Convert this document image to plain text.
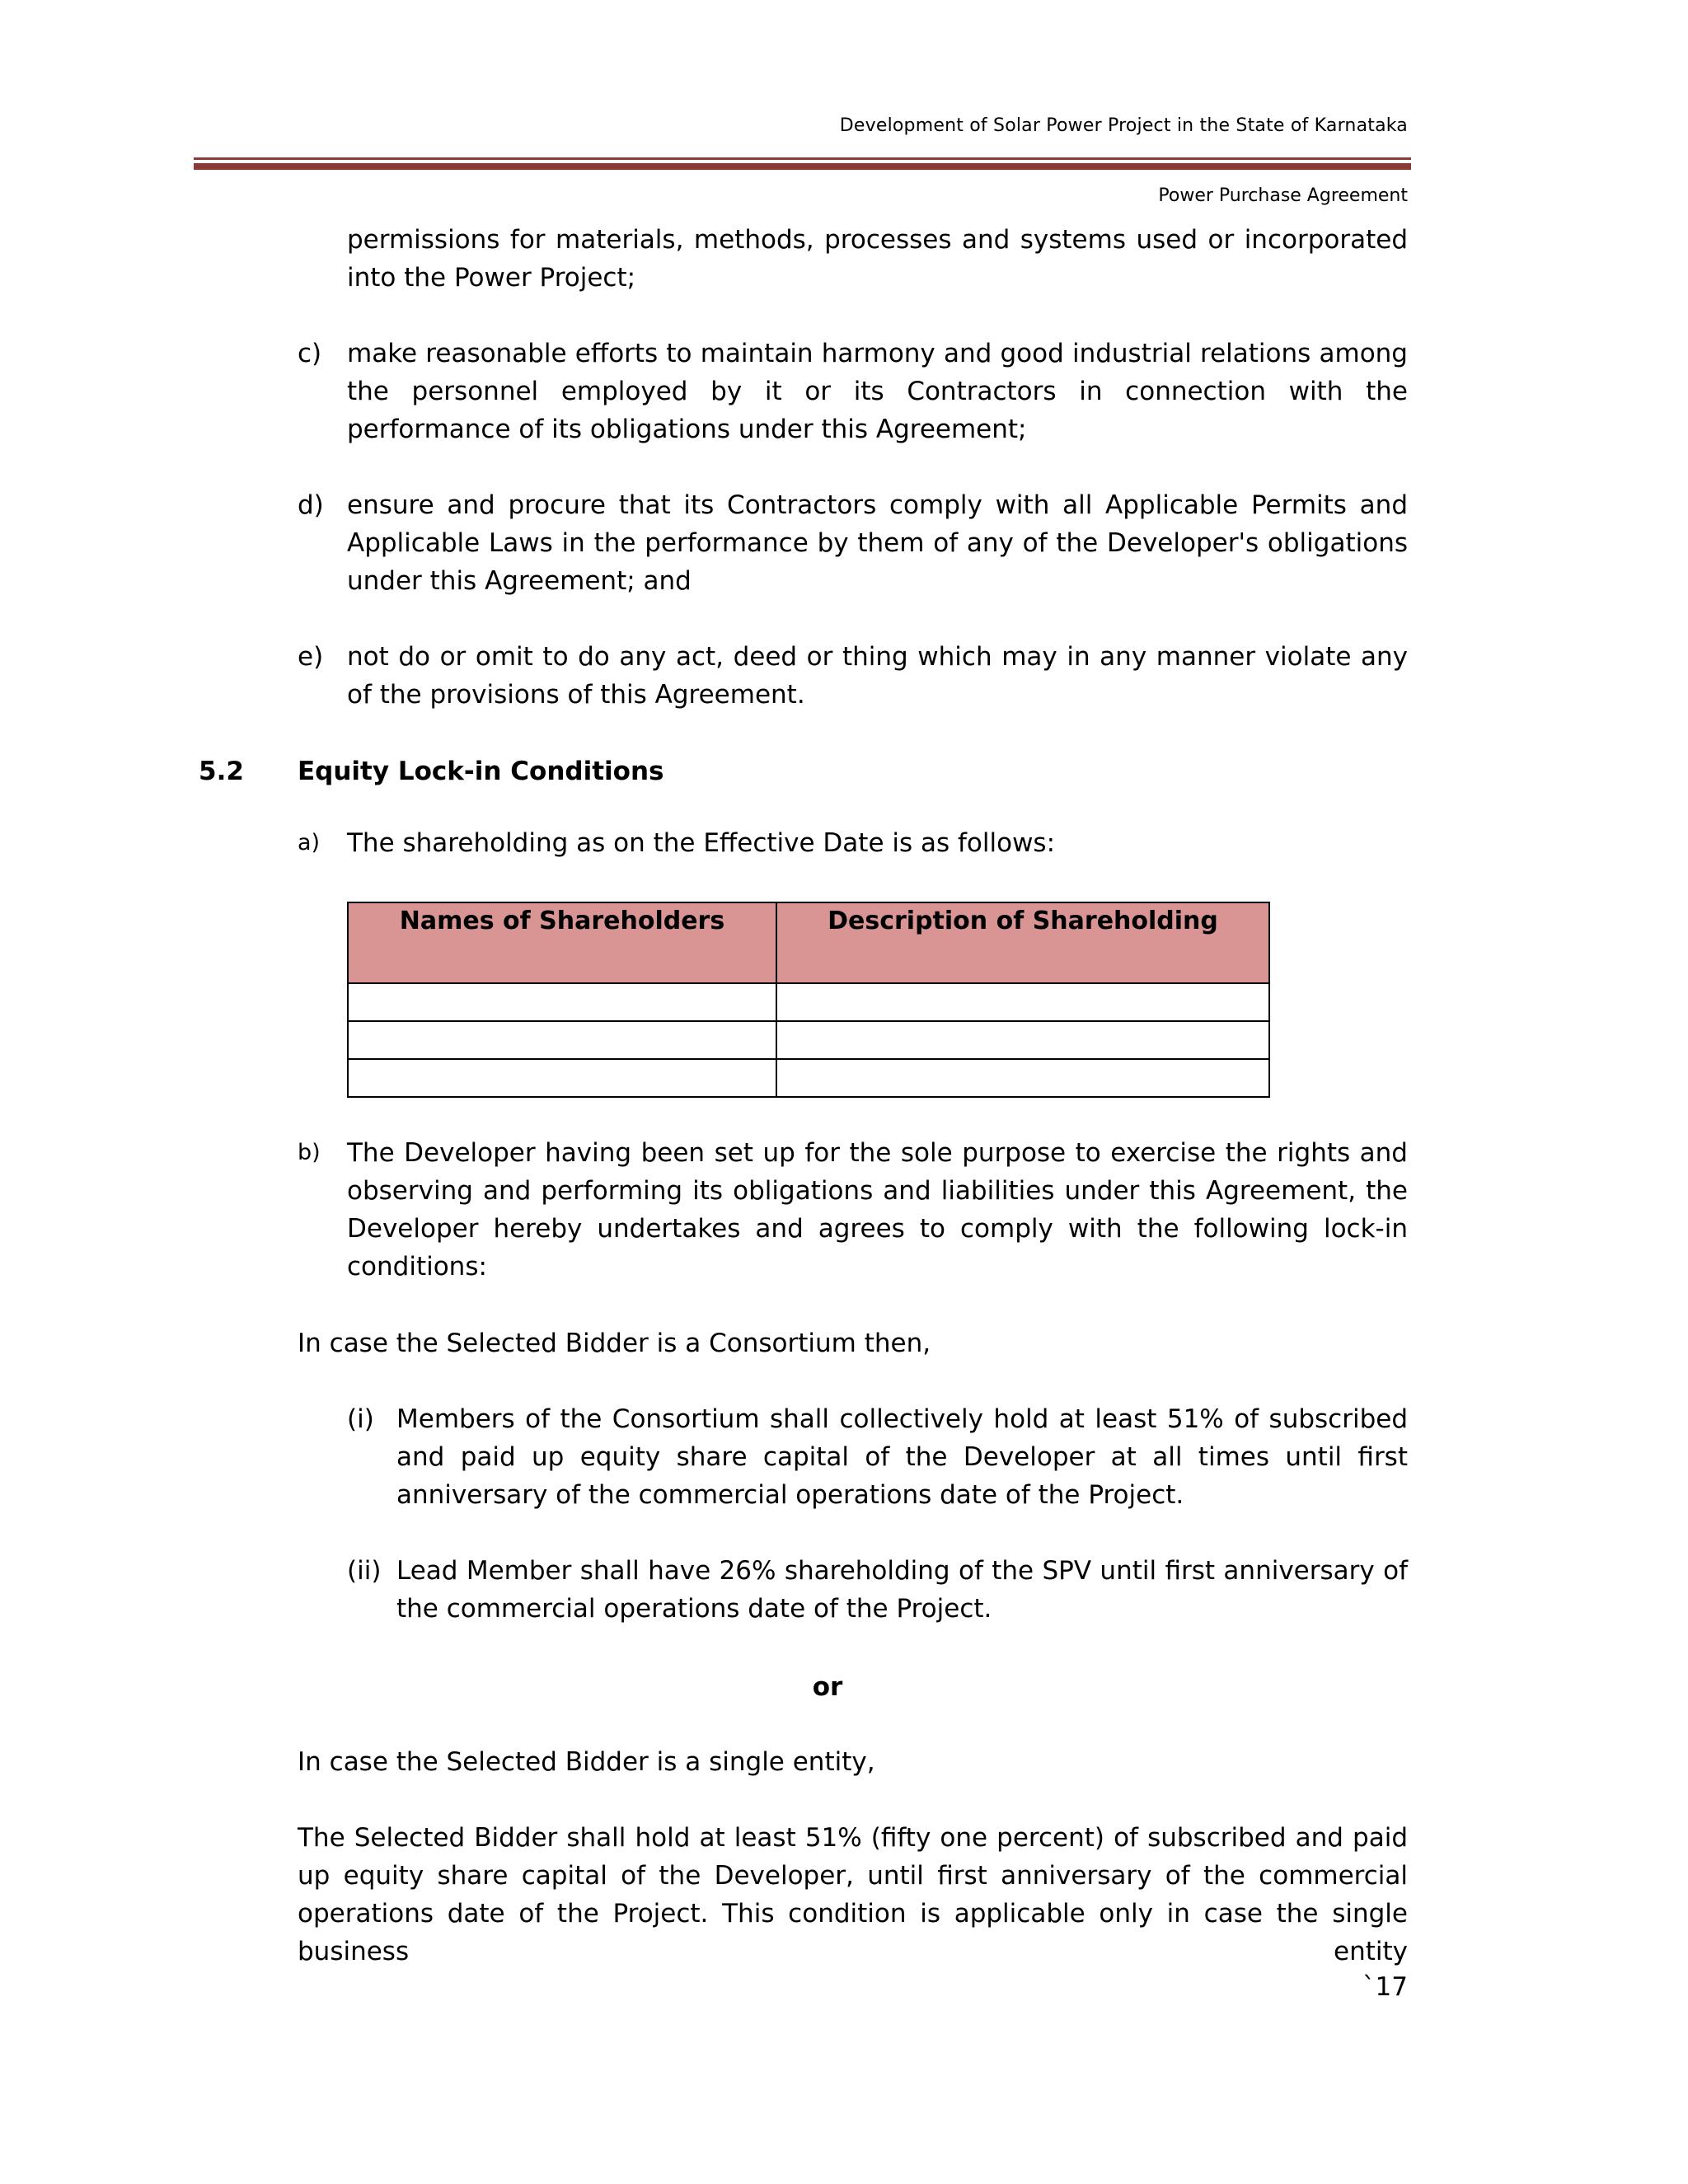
Development of Solar Power Project in the State of Karnataka
Power Purchase Agreement
permissions for materials, methods, processes and systems used or incorporated into the Power Project;
c) make reasonable efforts to maintain harmony and good industrial relations among the personnel employed by it or its Contractors in connection with the performance of its obligations under this Agreement;
d) ensure and procure that its Contractors comply with all Applicable Permits and Applicable Laws in the performance by them of any of the Developer's obligations under this Agreement; and
e) not do or omit to do any act, deed or thing which may in any manner violate any of the provisions of this Agreement.
5.2 Equity Lock-in Conditions
a) The shareholding as on the Effective Date is as follows:
Names of Shareholders	Description of Shareholding

b) The Developer having been set up for the sole purpose to exercise the rights and observing and performing its obligations and liabilities under this Agreement, the Developer hereby undertakes and agrees to comply with the following lock-in conditions:
In case the Selected Bidder is a Consortium then,
(i) Members of the Consortium shall collectively hold at least 51% of subscribed and paid up equity share capital of the Developer at all times until first anniversary of the commercial operations date of the Project.
(ii) Lead Member shall have 26% shareholding of the SPV until first anniversary of the commercial operations date of the Project.
or
In case the Selected Bidder is a single entity,
The Selected Bidder shall hold at least 51% (fifty one percent) of subscribed and paid up equity share capital of the Developer, until first anniversary of the commercial operations date of the Project. This condition is applicable only in case the single business entity
`17
